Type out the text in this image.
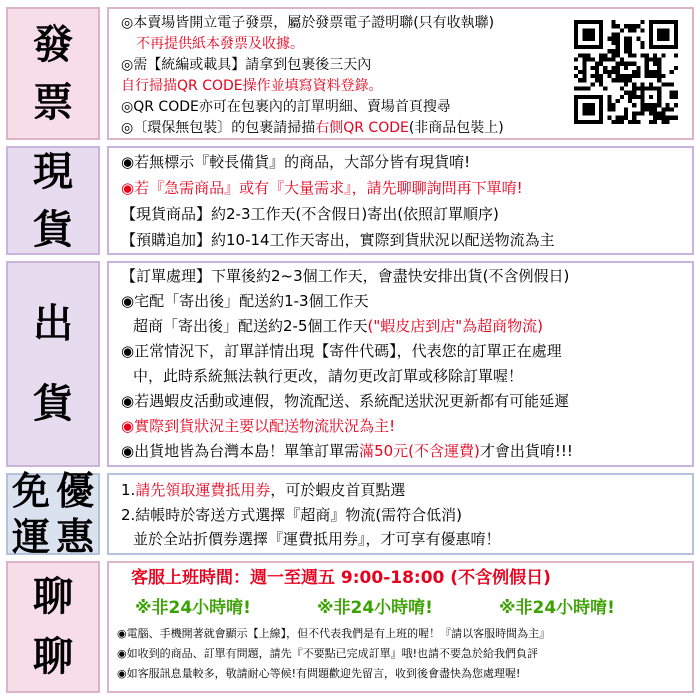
發
票
◎本賣場皆開立電子發票，屬於發票電子證明聯(只有收執聯)
不再提供紙本發票及收據。
◎需【統編或載具】請拿到包裹後三天內
自行掃描QR CODE操作並填寫資料登錄。
◎QR CODE亦可在包裹內的訂單明細、賣場首頁搜尋
◎〔環保無包裝〕的包裹請掃描右側QR CODE(非商品包裝上)
現
貨
◉若無標示『較長備貨』的商品，大部分皆有現貨唷!
◉若『急需商品』或有『大量需求』，請先聊聊詢問再下單唷!
【現貨商品】約2-3工作天(不含假日)寄出(依照訂單順序)
【預購追加】約10-14工作天寄出，實際到貨狀況以配送物流為主
出
貨
【訂單處理】下單後約2~3個工作天，會盡快安排出貨(不含例假日)
◉宅配「寄出後」配送約1-3個工作天
超商「寄出後」配送約2-5個工作天("蝦皮店到店"為超商物流)
◉正常情況下，訂單詳情出現【寄件代碼】，代表您的訂單正在處理
中，此時系統無法執行更改，請勿更改訂單或移除訂單喔！
◉若遇蝦皮活動或連假，物流配送、系統配送狀況更新都有可能延遲
◉實際到貨狀況主要以配送物流狀況為主!
◉出貨地皆為台灣本島！單筆訂單需滿50元(不含運費)才會出貨唷!!!
免 優
運 惠
1.請先領取運費抵用券，可於蝦皮首頁點選
2.結帳時於寄送方式選擇『超商』物流(需符合低消)
並於全站折價券選擇『運費抵用券』，才可享有優惠唷！
聊
聊
客服上班時間：週一至週五 9:00-18:00 (不含例假日)
※非24小時唷!	※非24小時唷!	※非24小時唷!
◉電腦、手機開著就會顯示【上線】，但不代表我們是有上班的喔！『請以客服時間為主』
◉如收到的商品、訂單有問題，請先『不要點已完成訂單』哦!也請不要急於給我們負評
◉如客服訊息量較多，敬請耐心等候!有問題歡迎先留言，收到後會盡快為您處理喔!
